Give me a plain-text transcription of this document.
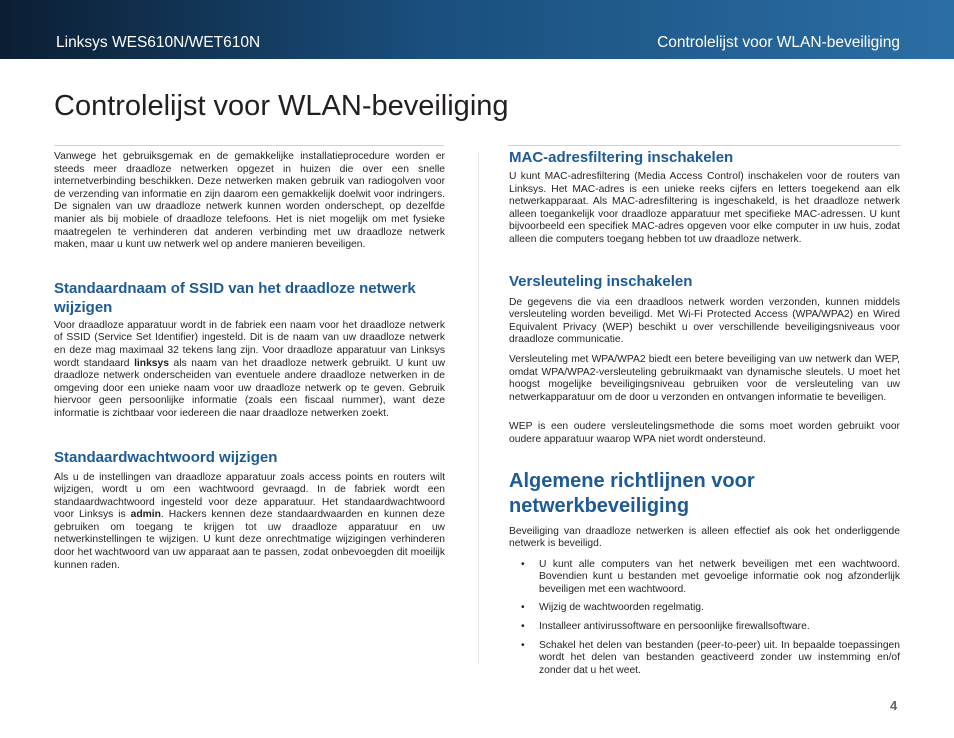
Linksys WES610N/WET610N	Controlelijst voor WLAN-beveiliging
Controlelijst voor WLAN-beveiliging

Vanwege het gebruiksgemak en de gemakkelijke installatieprocedure worden er steeds meer draadloze netwerken opgezet in huizen die over een snelle internetverbinding beschikken. Deze netwerken maken gebruik van radiogolven voor de verzending van informatie en zijn daarom een gemakkelijk doelwit voor indringers. De signalen van uw draadloze netwerk kunnen worden onderschept, op dezelfde manier als bij mobiele of draadloze telefoons. Het is niet mogelijk om met fysieke maatregelen te verhinderen dat anderen verbinding met uw draadloze netwerk maken, maar u kunt uw netwerk wel op andere manieren beveiligen.

Standaardnaam of SSID van het draadloze netwerk wijzigen

Voor draadloze apparatuur wordt in de fabriek een naam voor het draadloze netwerk of SSID (Service Set Identifier) ingesteld. Dit is de naam van uw draadloze netwerk en deze mag maximaal 32 tekens lang zijn. Voor draadloze apparatuur van Linksys wordt standaard linksys als naam van het draadloze netwerk gebruikt. U kunt uw draadloze netwerk onderscheiden van eventuele andere draadloze netwerken in de omgeving door een unieke naam voor uw draadloze netwerk op te geven. Gebruik hiervoor geen persoonlijke informatie (zoals een fiscaal nummer), want deze informatie is zichtbaar voor iedereen die naar draadloze netwerken zoekt.

Standaardwachtwoord wijzigen

Als u de instellingen van draadloze apparatuur zoals access points en routers wilt wijzigen, wordt u om een wachtwoord gevraagd. In de fabriek wordt een standaardwachtwoord ingesteld voor deze apparatuur. Het standaardwachtwoord voor Linksys is admin. Hackers kennen deze standaardwaarden en kunnen deze gebruiken om toegang te krijgen tot uw draadloze apparatuur en uw netwerkinstellingen te wijzigen. U kunt deze onrechtmatige wijzigingen verhinderen door het wachtwoord van uw apparaat aan te passen, zodat onbevoegden dit moeilijk kunnen raden.

MAC-adresfiltering inschakelen

U kunt MAC-adresfiltering (Media Access Control) inschakelen voor de routers van Linksys. Het MAC-adres is een unieke reeks cijfers en letters toegekend aan elk netwerkapparaat. Als MAC-adresfiltering is ingeschakeld, is het draadloze netwerk alleen toegankelijk voor draadloze apparatuur met specifieke MAC-adressen. U kunt bijvoorbeeld een specifiek MAC-adres opgeven voor elke computer in uw huis, zodat alleen die computers toegang hebben tot uw draadloze netwerk.

Versleuteling inschakelen

De gegevens die via een draadloos netwerk worden verzonden, kunnen middels versleuteling worden beveiligd. Met Wi-Fi Protected Access (WPA/WPA2) en Wired Equivalent Privacy (WEP) beschikt u over verschillende beveiligingsniveaus voor draadloze communicatie.

Versleuteling met WPA/WPA2 biedt een betere beveiliging van uw netwerk dan WEP, omdat WPA/WPA2-versleuteling gebruikmaakt van dynamische sleutels. U moet het hoogst mogelijke beveiligingsniveau gebruiken voor de versleuteling van uw netwerkapparatuur om de door u verzonden en ontvangen informatie te beveiligen.

WEP is een oudere versleutelingsmethode die soms moet worden gebruikt voor oudere apparatuur waarop WPA niet wordt ondersteund.

Algemene richtlijnen voor netwerkbeveiliging

Beveiliging van draadloze netwerken is alleen effectief als ook het onderliggende netwerk is beveiligd.

• U kunt alle computers van het netwerk beveiligen met een wachtwoord. Bovendien kunt u bestanden met gevoelige informatie ook nog afzonderlijk beveiligen met een wachtwoord.
• Wijzig de wachtwoorden regelmatig.
• Installeer antivirussoftware en persoonlijke firewallsoftware.
• Schakel het delen van bestanden (peer-to-peer) uit. In bepaalde toepassingen wordt het delen van bestanden geactiveerd zonder uw instemming en/of zonder dat u het weet.
4
